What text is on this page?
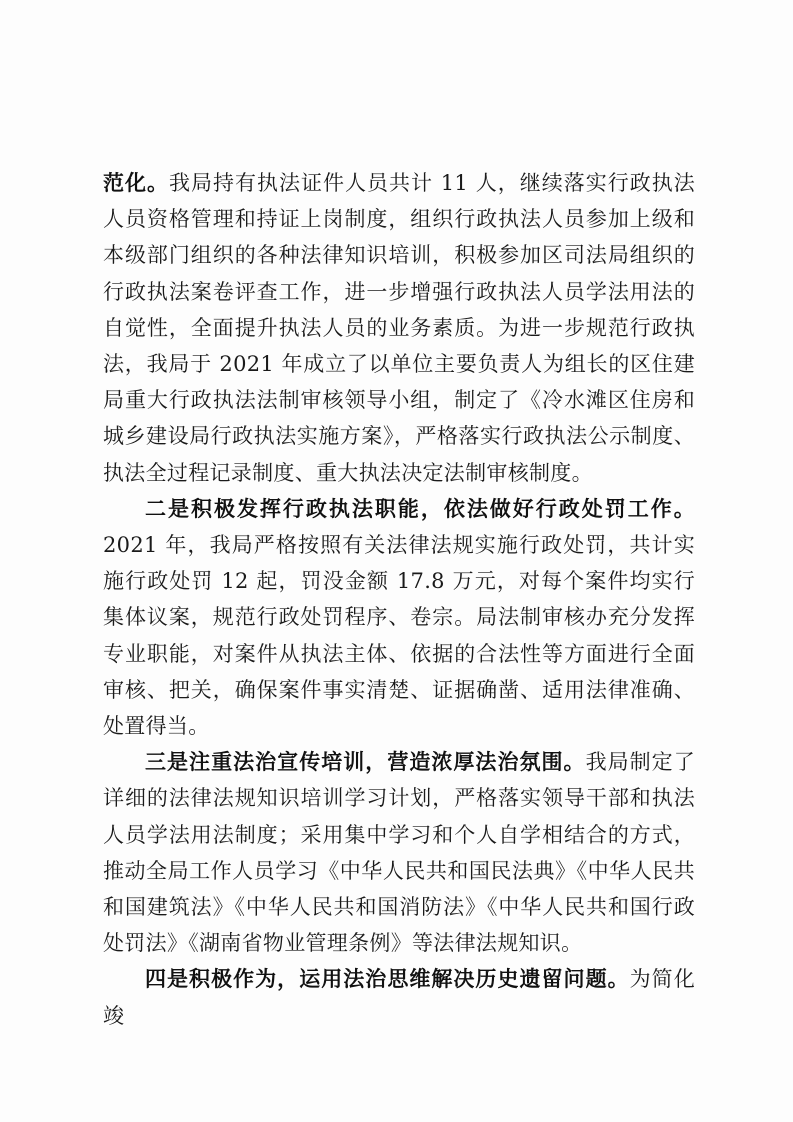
范化。我局持有执法证件人员共计 11 人，继续落实行政执法人员资格管理和持证上岗制度，组织行政执法人员参加上级和本级部门组织的各种法律知识培训，积极参加区司法局组织的行政执法案卷评查工作，进一步增强行政执法人员学法用法的自觉性，全面提升执法人员的业务素质。为进一步规范行政执法，我局于 2021 年成立了以单位主要负责人为组长的区住建局重大行政执法法制审核领导小组，制定了《冷水滩区住房和城乡建设局行政执法实施方案》，严格落实行政执法公示制度、执法全过程记录制度、重大执法决定法制审核制度。

二是积极发挥行政执法职能，依法做好行政处罚工作。2021 年，我局严格按照有关法律法规实施行政处罚，共计实施行政处罚 12 起，罚没金额 17.8 万元，对每个案件均实行集体议案，规范行政处罚程序、卷宗。局法制审核办充分发挥专业职能，对案件从执法主体、依据的合法性等方面进行全面审核、把关，确保案件事实清楚、证据确凿、适用法律准确、处置得当。

三是注重法治宣传培训，营造浓厚法治氛围。我局制定了详细的法律法规知识培训学习计划，严格落实领导干部和执法人员学法用法制度；采用集中学习和个人自学相结合的方式，推动全局工作人员学习《中华人民共和国民法典》《中华人民共和国建筑法》《中华人民共和国消防法》《中华人民共和国行政处罚法》《湖南省物业管理条例》等法律法规知识。

四是积极作为，运用法治思维解决历史遗留问题。为简化竣
